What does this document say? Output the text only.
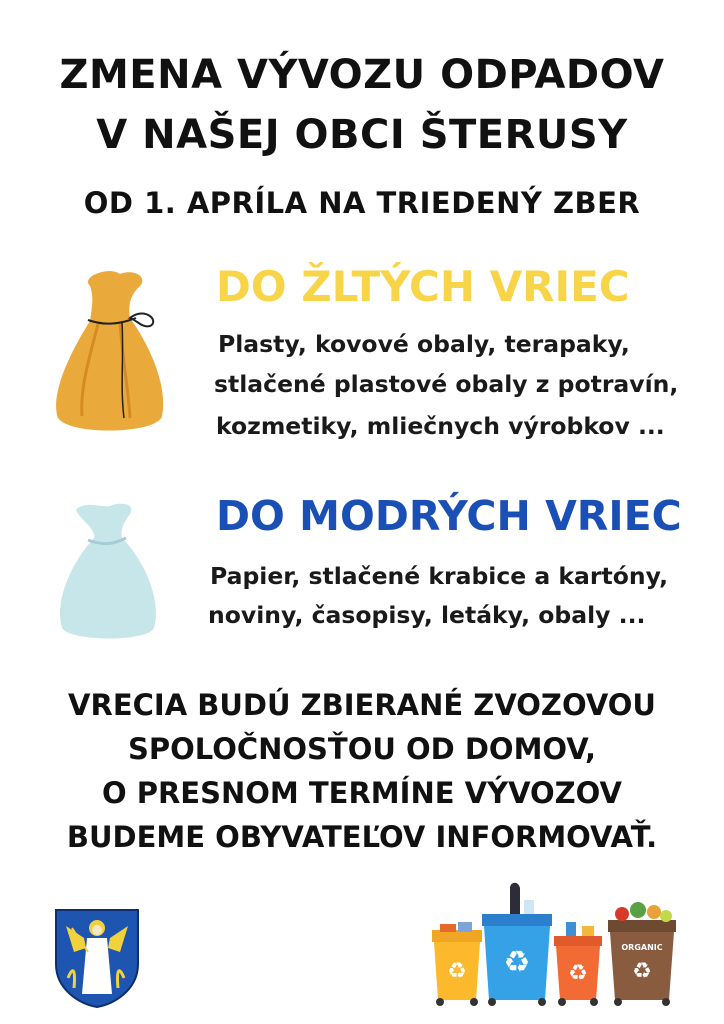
ZMENA VÝVOZU ODPADOV
V NAŠEJ OBCI ŠTERUSY
OD 1. APRÍLA NA TRIEDENÝ ZBER
DO ŽLTÝCH VRIEC
Plasty, kovové obaly, terapaky,
stlačené plastové obaly z potravín,
kozmetiky, mliečnych výrobkov ...
DO MODRÝCH VRIEC
Papier, stlačené krabice a kartóny,
noviny, časopisy, letáky, obaly ...
VRECIA BUDÚ ZBIERANÉ ZVOZOVOU
SPOLOČNOSŤOU OD DOMOV,
O PRESNOM TERMÍNE VÝVOZOV
BUDEME OBYVATEĽOV INFORMOVAŤ.
♻ ♻ ♻
ORGANIC
♻
